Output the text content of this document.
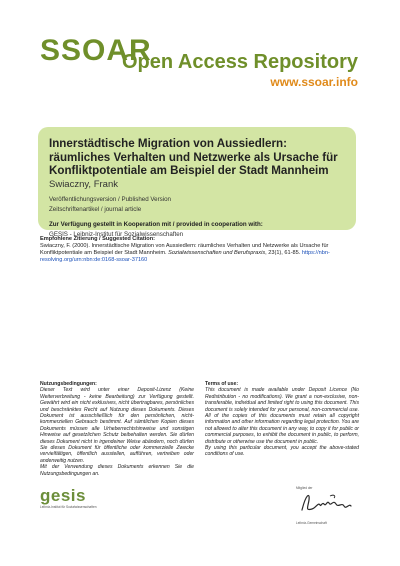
SSOAR
Open Access Repository
www.ssoar.info
Innerstädtische Migration von Aussiedlern: räumliches Verhalten und Netzwerke als Ursache für Konfliktpotentiale am Beispiel der Stadt Mannheim
Swiaczny, Frank
Veröffentlichungsversion / Published Version
Zeitschriftenartikel / journal article
Zur Verfügung gestellt in Kooperation mit / provided in cooperation with:
GESIS - Leibniz-Institut für Sozialwissenschaften
Empfohlene Zitierung / Suggested Citation:
Swiaczny, F. (2000). Innerstädtische Migration von Aussiedlern: räumliches Verhalten und Netzwerke als Ursache für Konfliktpotentiale am Beispiel der Stadt Mannheim. Sozialwissenschaften und Berufspraxis, 23(1), 61-85. https://nbn-resolving.org/urn:nbn:de:0168-ssoar-37160
Nutzungsbedingungen:
Dieser Text wird unter einer Deposit-Lizenz (Keine Weiterverbreitung - keine Bearbeitung) zur Verfügung gestellt. Gewährt wird ein nicht exklusives, nicht übertragbares, persönliches und beschränktes Recht auf Nutzung dieses Dokuments. Dieses Dokument ist ausschließlich für den persönlichen, nicht-kommerziellen Gebrauch bestimmt. Auf sämtlichen Kopien dieses Dokuments müssen alle Urheberrechtshinweise und sonstigen Hinweise auf gesetzlichen Schutz beibehalten werden. Sie dürfen dieses Dokument nicht in irgendeiner Weise abändern, noch dürfen Sie dieses Dokument für öffentliche oder kommerzielle Zwecke vervielfältigen, öffentlich ausstellen, aufführen, vertreiben oder anderweitig nutzen.
Mit der Verwendung dieses Dokuments erkennen Sie die Nutzungsbedingungen an.
Terms of use:
This document is made available under Deposit Licence (No Redistribution - no modifications). We grant a non-exclusive, non-transferable, individual and limited right to using this document. This document is solely intended for your personal, non-commercial use. All of the copies of this documents must retain all copyright information and other information regarding legal protection. You are not allowed to alter this document in any way, to copy it for public or commercial purposes, to exhibit the document in public, to perform, distribute or otherwise use the document in public.
By using this particular document, you accept the above-stated conditions of use.
gesis
Leibniz-Institut für Sozialwissenschaften
Mitglied der
Leibniz-Gemeinschaft
